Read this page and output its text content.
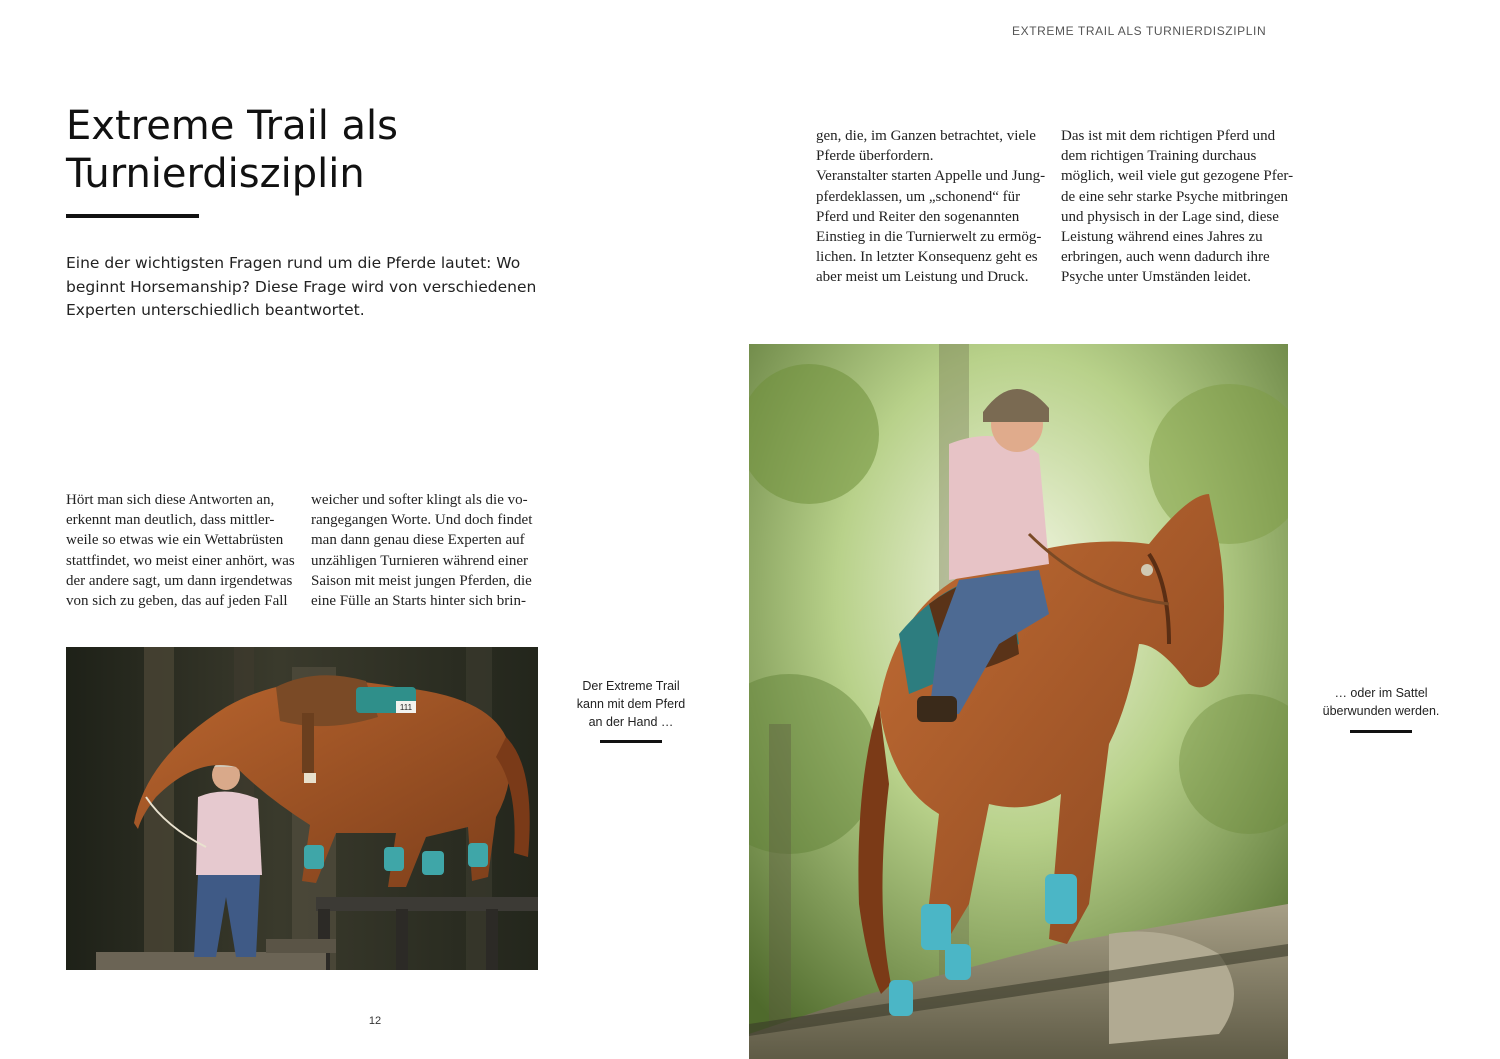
EXTREME TRAIL ALS TURNIERDISZIPLIN
Extreme Trail als
Turnierdisziplin

Eine der wichtigsten Fragen rund um die Pferde lautet: Wo beginnt Horsemanship? Diese Frage wird von verschiedenen Experten unterschiedlich beantwortet.

Hört man sich diese Antworten an,
erkennt man deutlich, dass mittler-
weile so etwas wie ein Wettabrüsten
stattfindet, wo meist einer anhört, was
der andere sagt, um dann irgendetwas
von sich zu geben, das auf jeden Fall
weicher und softer klingt als die vo-
rangegangen Worte. Und doch findet
man dann genau diese Experten auf
unzähligen Turnieren während einer
Saison mit meist jungen Pferden, die
eine Fülle an Starts hinter sich brin-
gen, die, im Ganzen betrachtet, viele
Pferde überfordern.
Veranstalter starten Appelle und Jung-
pferdeklassen, um „schonend“ für
Pferd und Reiter den sogenannten
Einstieg in die Turnierwelt zu ermög-
lichen. In letzter Konsequenz geht es
aber meist um Leistung und Druck.
Das ist mit dem richtigen Pferd und
dem richtigen Training durchaus
möglich, weil viele gut gezogene Pfer-
de eine sehr starke Psyche mitbringen
und physisch in der Lage sind, diese
Leistung während eines Jahres zu
erbringen, auch wenn dadurch ihre
Psyche unter Umständen leidet.
111
Der Extreme Trail
kann mit dem Pferd
an der Hand …
… oder im Sattel
überwunden werden.
12
